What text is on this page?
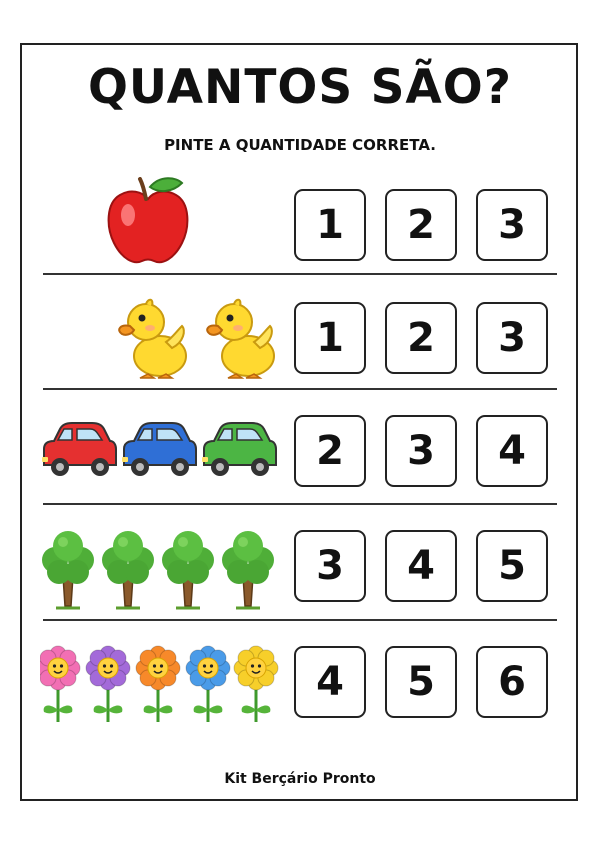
QUANTOS SÃO?
PINTE A QUANTIDADE CORRETA.
1	2	3
1	2	3
2	3	4
3	4	5
4	5	6
Kit Berçário Pronto
